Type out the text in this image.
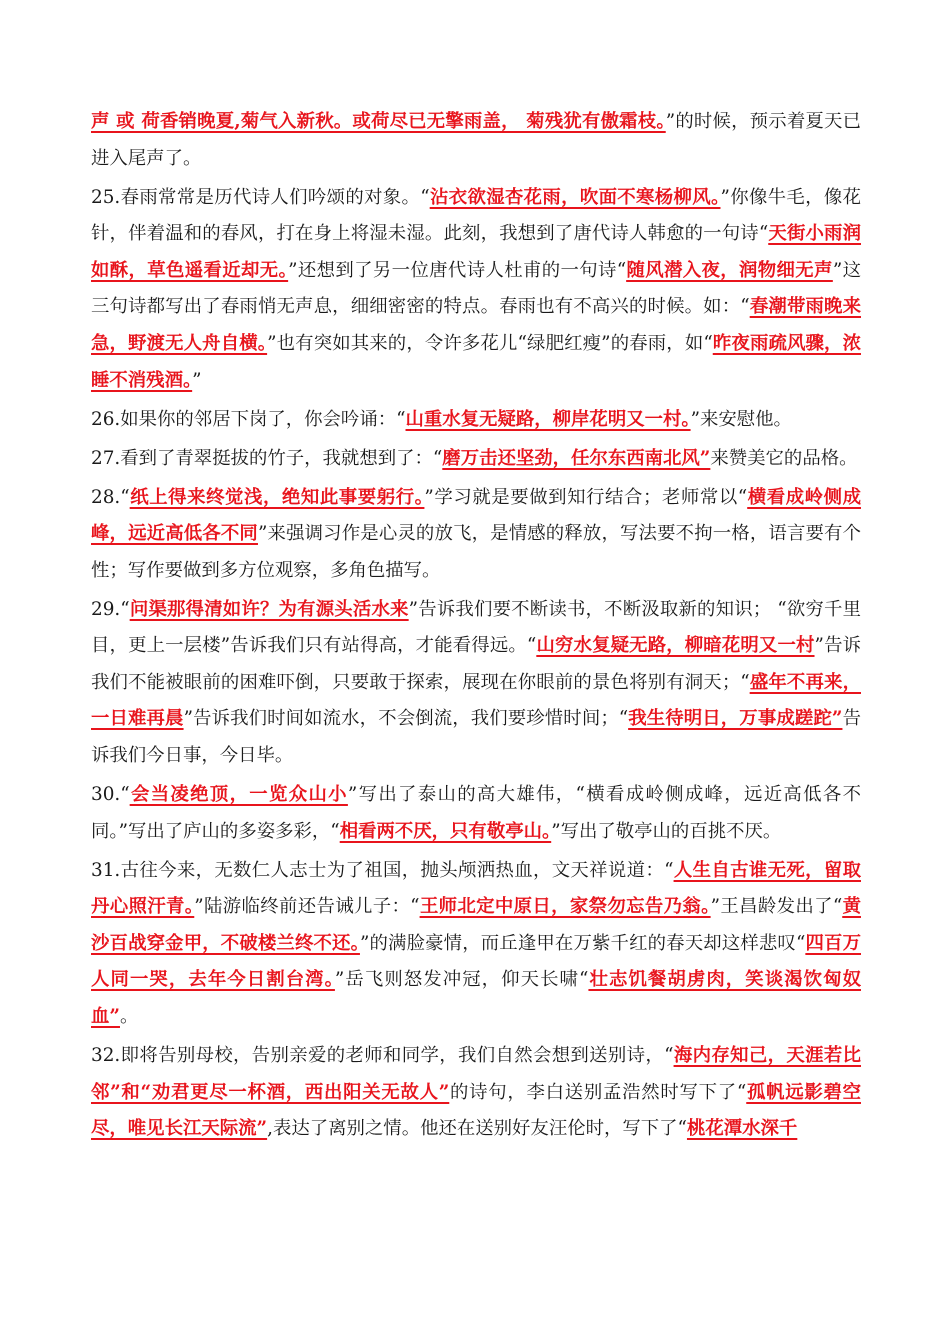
声 或 荷香销晚夏,菊气入新秋。或荷尽已无擎雨盖， 菊残犹有傲霜枝。”的时候，预示着夏天已进入尾声了。

25.春雨常常是历代诗人们吟颂的对象。“沾衣欲湿杏花雨，吹面不寒杨柳风。”你像牛毛，像花针，伴着温和的春风，打在身上将湿未湿。此刻，我想到了唐代诗人韩愈的一句诗“天街小雨润如酥，草色遥看近却无。”还想到了另一位唐代诗人杜甫的一句诗“随风潜入夜，润物细无声”这三句诗都写出了春雨悄无声息，细细密密的特点。春雨也有不高兴的时候。如：“春潮带雨晚来急，野渡无人舟自横。”也有突如其来的，令许多花儿“绿肥红瘦”的春雨，如“昨夜雨疏风骤，浓睡不消残酒。”

26.如果你的邻居下岗了，你会吟诵：“山重水复无疑路，柳岸花明又一村。”来安慰他。

27.看到了青翠挺拔的竹子，我就想到了：“磨万击还坚劲，任尔东西南北风”来赞美它的品格。

28.“纸上得来终觉浅，绝知此事要躬行。”学习就是要做到知行结合；老师常以“横看成岭侧成峰，远近高低各不同”来强调习作是心灵的放飞，是情感的释放，写法要不拘一格，语言要有个性；写作要做到多方位观察，多角色描写。

29.“问渠那得清如许？为有源头活水来”告诉我们要不断读书，不断汲取新的知识； “欲穷千里目，更上一层楼”告诉我们只有站得高，才能看得远。“山穷水复疑无路，柳暗花明又一村”告诉我们不能被眼前的困难吓倒，只要敢于探索，展现在你眼前的景色将别有洞天；“盛年不再来，一日难再晨”告诉我们时间如流水，不会倒流，我们要珍惜时间；“我生待明日，万事成蹉跎”告诉我们今日事，今日毕。

30.“会当凌绝顶，一览众山小”写出了泰山的高大雄伟，“横看成岭侧成峰，远近高低各不同。”写出了庐山的多姿多彩，“相看两不厌，只有敬亭山。”写出了敬亭山的百挑不厌。

31.古往今来，无数仁人志士为了祖国，抛头颅洒热血，文天祥说道：“人生自古谁无死，留取丹心照汗青。”陆游临终前还告诫儿子：“王师北定中原日，家祭勿忘告乃翁。”王昌龄发出了“黄沙百战穿金甲，不破楼兰终不还。”的满脸豪情，而丘逢甲在万紫千红的春天却这样悲叹“四百万人同一哭，去年今日割台湾。”岳飞则怒发冲冠，仰天长啸“壮志饥餐胡虏肉，笑谈渴饮匈奴血”。

32.即将告别母校，告别亲爱的老师和同学，我们自然会想到送别诗，“海内存知己，天涯若比邻”和“劝君更尽一杯酒，西出阳关无故人”的诗句，李白送别孟浩然时写下了“孤帆远影碧空尽，唯见长江天际流”,表达了离别之情。他还在送别好友汪伦时，写下了“桃花潭水深千
